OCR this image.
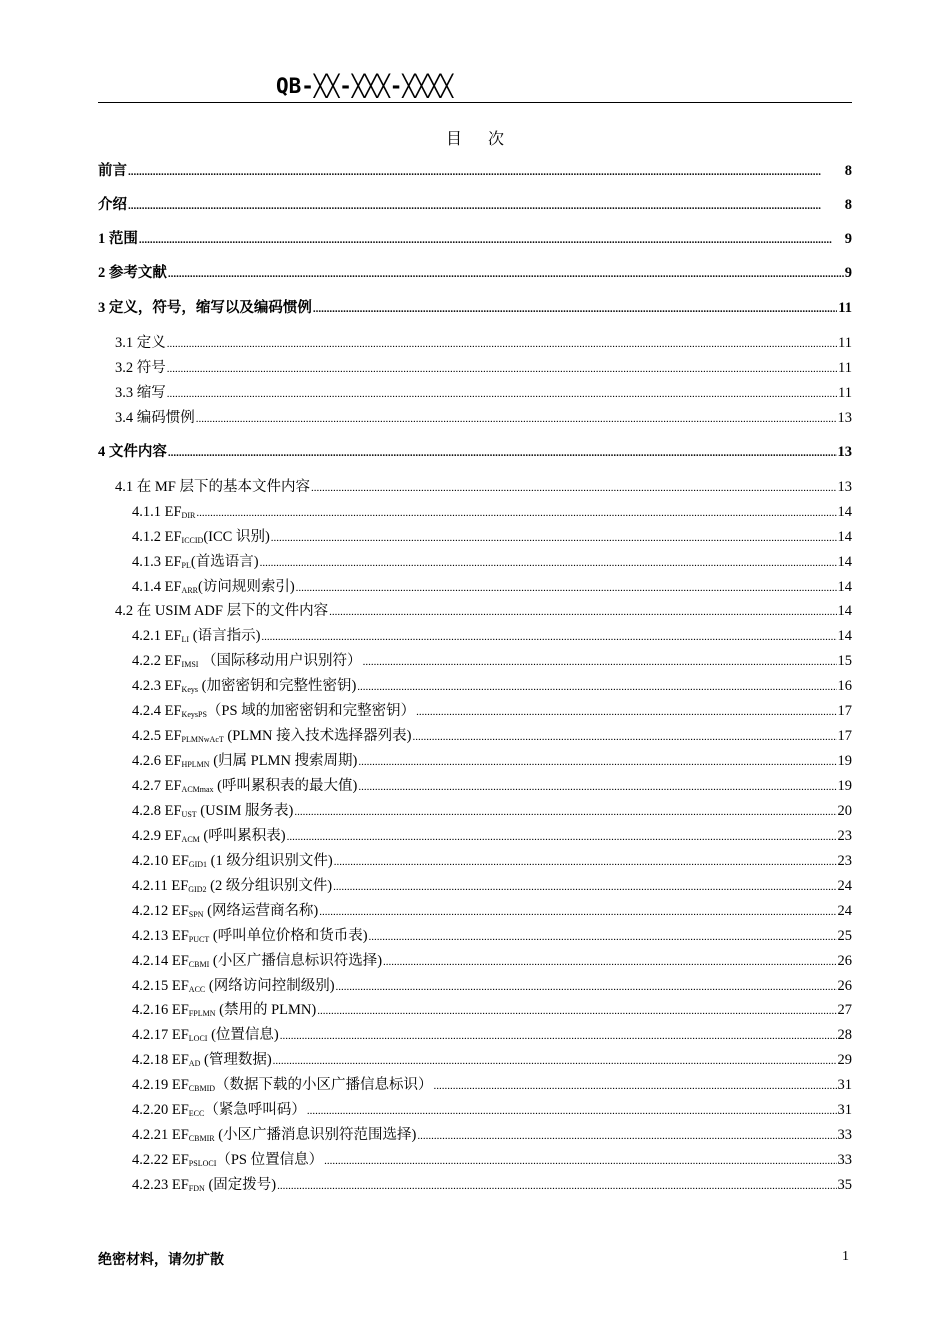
QB-╳╳-╳╳╳-╳╳╳╳
目次
前言 .....	8
介绍 .....	8
1 范围 .....	9
2 参考文献 .....	9
3 定义，符号，缩写以及编码惯例 .....	11
3.1 定义 .....	11
3.2 符号 .....	11
3.3 缩写 .....	11
3.4 编码惯例 .....	13
4 文件内容 .....	13
4.1 在 MF 层下的基本文件内容 .....	13
4.1.1 $EF_{DIR}$ .....	14
4.1.2 $EF_{ICCID}(ICC$ 识别) .....	14
4.1.3 $EF_{PL}$(首选语言) .....	14
4.1.4 $EF_{ARR}$(访问规则索引) .....	14
4.2 在 USIM ADF 层下的文件内容 .....	14
4.2.1 $EF_{LI}$ (语言指示) .....	14
4.2.2 $EF_{IMSI}$ （国际移动用户识别符） .....	15
4.2.3 $EF_{Keys}$ (加密密钥和完整性密钥) .....	16
4.2.4 $EF_{KeysPS}(PS$ 域的加密密钥和完整密钥） .....	17
4.2.5 $EF_{PLMNwAcT}$ (PLMN 接入技术选择器列表) .....	17
4.2.6 $EF_{HPLMN}$ (归属 PLMN 搜索周期) .....	19
4.2.7 $EF_{ACMmax}$ (呼叫累积表的最大值) .....	19
4.2.8 $EF_{UST}$ (USIM 服务表) .....	20
4.2.9 $EF_{ACM}$ (呼叫累积表) .....	23
4.2.10 $EF_{GID1}$ (1 级分组识别文件) .....	23
4.2.11 $EF_{GID2}$ (2 级分组识别文件) .....	24
4.2.12 $EF_{SPN}$ (网络运营商名称) .....	24
4.2.13 $EF_{PUCT}$ (呼叫单位价格和货币表) .....	25
4.2.14 $EF_{CBMI}$ (小区广播信息标识符选择) .....	26
4.2.15 $EF_{ACC}$ (网络访问控制级别) .....	26
4.2.16 $EF_{FPLMN}$ (禁用的 PLMN) .....	27
4.2.17 $EF_{LOCI}$ (位置信息) .....	28
4.2.18 $EF_{AD}$ (管理数据) .....	29
4.2.19 $EF_{CBMID}$（数据下载的小区广播信息标识） .....	31
4.2.20 $EF_{ECC}$（紧急呼叫码） .....	31
4.2.21 $EF_{CBMIR}$ (小区广播消息识别符范围选择) .....	33
4.2.22 $EF_{PSLOCI}(PS$ 位置信息） .....	33
4.2.23 $EF_{FDN}$ (固定拨号) .....	35
绝密材料，请勿扩散	1
